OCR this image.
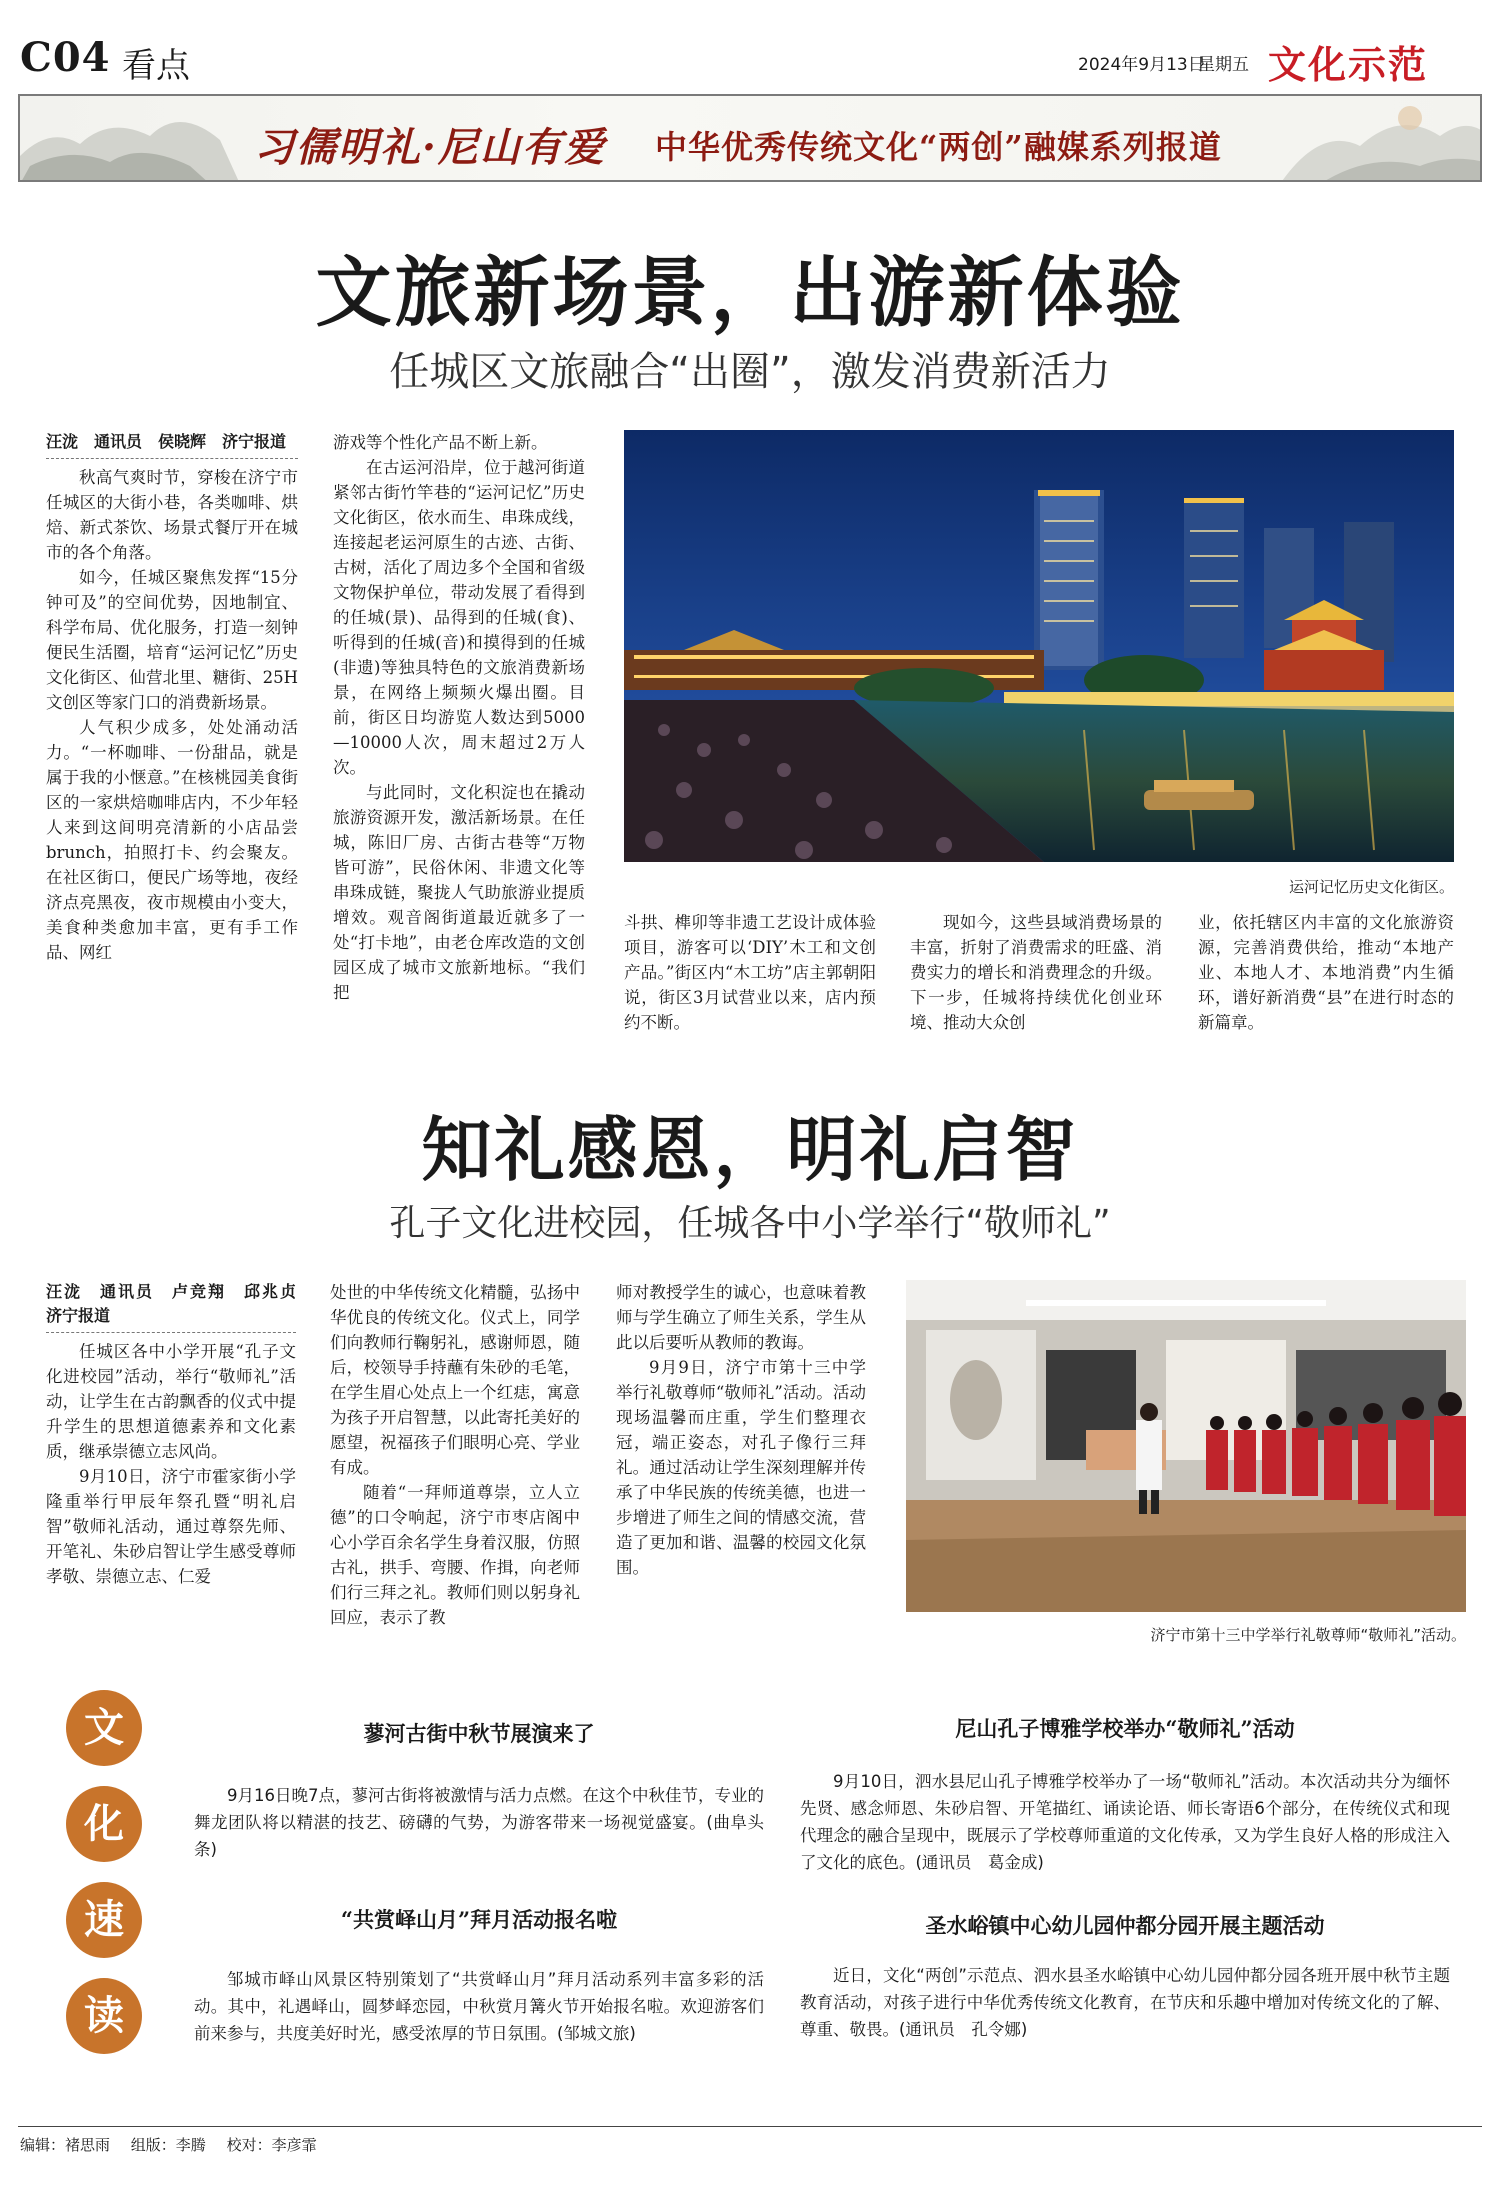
C04 看点	2024年9月13日
星期五 文化示范
习儒明礼·尼山有爱 中华优秀传统文化“两创”融媒系列报道
文旅新场景，出游新体验
任城区文旅融合“出圈”，激发消费新活力

汪泷　通讯员　侯晓辉　济宁报道

秋高气爽时节，穿梭在济宁市任城区的大街小巷，各类咖啡、烘焙、新式茶饮、场景式餐厅开在城市的各个角落。

如今，任城区聚焦发挥“15分钟可及”的空间优势，因地制宜、科学布局、优化服务，打造一刻钟便民生活圈，培育“运河记忆”历史文化街区、仙营北里、糖街、25H文创区等家门口的消费新场景。

人气积少成多，处处涌动活力。“一杯咖啡、一份甜品，就是属于我的小惬意。”在核桃园美食街区的一家烘焙咖啡店内，不少年轻人来到这间明亮清新的小店品尝brunch，拍照打卡、约会聚友。在社区街口，便民广场等地，夜经济点亮黑夜，夜市规模由小变大，美食种类愈加丰富，更有手工作品、网红

游戏等个性化产品不断上新。

在古运河沿岸，位于越河街道紧邻古街竹竿巷的“运河记忆”历史文化街区，依水而生、串珠成线，连接起老运河原生的古迹、古街、古树，活化了周边多个全国和省级文物保护单位，带动发展了看得到的任城(景)、品得到的任城(食)、听得到的任城(音)和摸得到的任城(非遗)等独具特色的文旅消费新场景，在网络上频频火爆出圈。目前，街区日均游览人数达到5000—10000人次，周末超过2万人次。

与此同时，文化积淀也在撬动旅游资源开发，激活新场景。在任城，陈旧厂房、古街古巷等“万物皆可游”，民俗休闲、非遗文化等串珠成链，聚拢人气助旅游业提质增效。观音阁街道最近就多了一处“打卡地”，由老仓库改造的文创园区成了城市文旅新地标。“我们把

运河记忆历史文化街区。

斗拱、榫卯等非遗工艺设计成体验项目，游客可以‘DIY’木工和文创产品。”街区内“木工坊”店主郭朝阳说，街区3月试营业以来，店内预约不断。

现如今，这些县域消费场景的丰富，折射了消费需求的旺盛、消费实力的增长和消费理念的升级。下一步，任城将持续优化创业环境、推动大众创

业，依托辖区内丰富的文化旅游资源，完善消费供给，推动“本地产业、本地人才、本地消费”内生循环，谱好新消费“县”在进行时态的新篇章。

知礼感恩，明礼启智
孔子文化进校园，任城各中小学举行“敬师礼”

汪泷　通讯员　卢竞翔　邱兆贞　济宁报道

任城区各中小学开展“孔子文化进校园”活动，举行“敬师礼”活动，让学生在古韵飘香的仪式中提升学生的思想道德素养和文化素质，继承崇德立志风尚。

9月10日，济宁市霍家街小学隆重举行甲辰年祭孔暨“明礼启智”敬师礼活动，通过尊祭先师、开笔礼、朱砂启智让学生感受尊师孝敬、崇德立志、仁爱

处世的中华传统文化精髓，弘扬中华优良的传统文化。仪式上，同学们向教师行鞠躬礼，感谢师恩，随后，校领导手持蘸有朱砂的毛笔，在学生眉心处点上一个红痣，寓意为孩子开启智慧，以此寄托美好的愿望，祝福孩子们眼明心亮、学业有成。

随着“一拜师道尊崇，立人立德”的口令响起，济宁市枣店阁中心小学百余名学生身着汉服，仿照古礼，拱手、弯腰、作揖，向老师们行三拜之礼。教师们则以躬身礼回应，表示了教

师对教授学生的诚心，也意味着教师与学生确立了师生关系，学生从此以后要听从教师的教诲。

9月9日，济宁市第十三中学举行礼敬尊师“敬师礼”活动。活动现场温馨而庄重，学生们整理衣冠，端正姿态，对孔子像行三拜礼。通过活动让学生深刻理解并传承了中华民族的传统美德，也进一步增进了师生之间的情感交流，营造了更加和谐、温馨的校园文化氛围。

济宁市第十三中学举行礼敬尊师“敬师礼”活动。
文
化
速
读
蓼河古街中秋节展演来了

9月16日晚7点，蓼河古街将被激情与活力点燃。在这个中秋佳节，专业的舞龙团队将以精湛的技艺、磅礴的气势，为游客带来一场视觉盛宴。(曲阜头条)

“共赏峄山月”拜月活动报名啦

邹城市峄山风景区特别策划了“共赏峄山月”拜月活动系列丰富多彩的活动。其中，礼遇峄山，圆梦峄恋园，中秋赏月篝火节开始报名啦。欢迎游客们前来参与，共度美好时光，感受浓厚的节日氛围。(邹城文旅)

尼山孔子博雅学校举办“敬师礼”活动

9月10日，泗水县尼山孔子博雅学校举办了一场“敬师礼”活动。本次活动共分为缅怀先贤、感念师恩、朱砂启智、开笔描红、诵读论语、师长寄语6个部分，在传统仪式和现代理念的融合呈现中，既展示了学校尊师重道的文化传承，又为学生良好人格的形成注入了文化的底色。(通讯员　葛金成)

圣水峪镇中心幼儿园仲都分园开展主题活动

近日，文化“两创”示范点、泗水县圣水峪镇中心幼儿园仲都分园各班开展中秋节主题教育活动，对孩子进行中华优秀传统文化教育，在节庆和乐趣中增加对传统文化的了解、尊重、敬畏。(通讯员　孔令娜)

编辑：褚思雨 组版：李腾 校对：李彦霏
